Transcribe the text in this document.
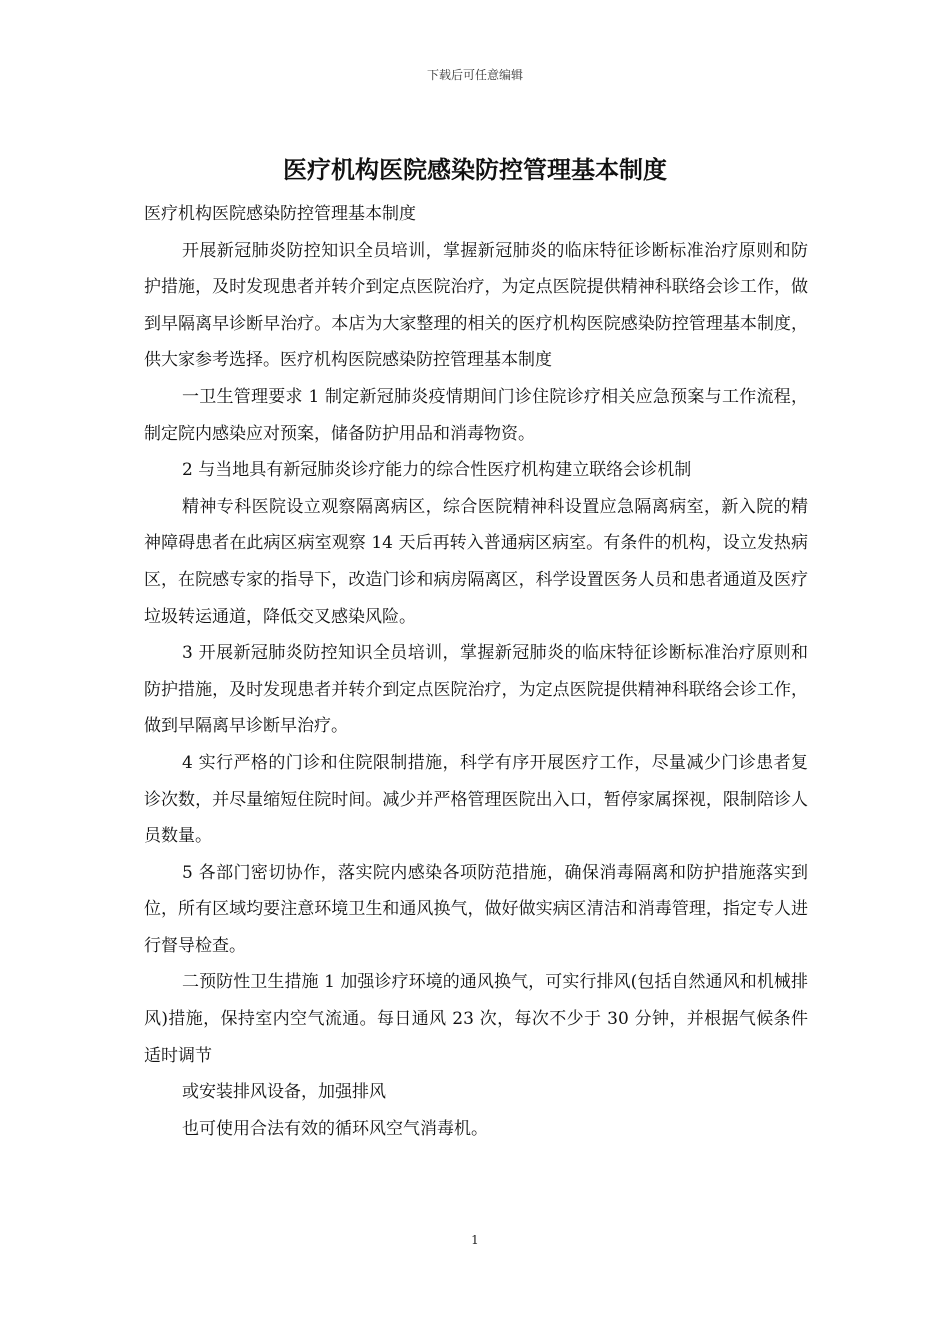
下载后可任意编辑
医疗机构医院感染防控管理基本制度

医疗机构医院感染防控管理基本制度

开展新冠肺炎防控知识全员培训，掌握新冠肺炎的临床特征诊断标准治疗原则和防护措施，及时发现患者并转介到定点医院治疗，为定点医院提供精神科联络会诊工作，做到早隔离早诊断早治疗。本店为大家整理的相关的医疗机构医院感染防控管理基本制度，供大家参考选择。医疗机构医院感染防控管理基本制度

一卫生管理要求 1 制定新冠肺炎疫情期间门诊住院诊疗相关应急预案与工作流程，制定院内感染应对预案，储备防护用品和消毒物资。

2 与当地具有新冠肺炎诊疗能力的综合性医疗机构建立联络会诊机制

精神专科医院设立观察隔离病区，综合医院精神科设置应急隔离病室，新入院的精神障碍患者在此病区病室观察 14 天后再转入普通病区病室。有条件的机构，设立发热病区，在院感专家的指导下，改造门诊和病房隔离区，科学设置医务人员和患者通道及医疗垃圾转运通道，降低交叉感染风险。

3 开展新冠肺炎防控知识全员培训，掌握新冠肺炎的临床特征诊断标准治疗原则和防护措施，及时发现患者并转介到定点医院治疗，为定点医院提供精神科联络会诊工作，做到早隔离早诊断早治疗。

4 实行严格的门诊和住院限制措施，科学有序开展医疗工作，尽量减少门诊患者复诊次数，并尽量缩短住院时间。减少并严格管理医院出入口，暂停家属探视，限制陪诊人员数量。

5 各部门密切协作，落实院内感染各项防范措施，确保消毒隔离和防护措施落实到位，所有区域均要注意环境卫生和通风换气，做好做实病区清洁和消毒管理，指定专人进行督导检查。

二预防性卫生措施 1 加强诊疗环境的通风换气，可实行排风(包括自然通风和机械排风)措施，保持室内空气流通。每日通风 23 次，每次不少于 30 分钟，并根据气候条件适时调节

或安装排风设备，加强排风

也可使用合法有效的循环风空气消毒机。

1
